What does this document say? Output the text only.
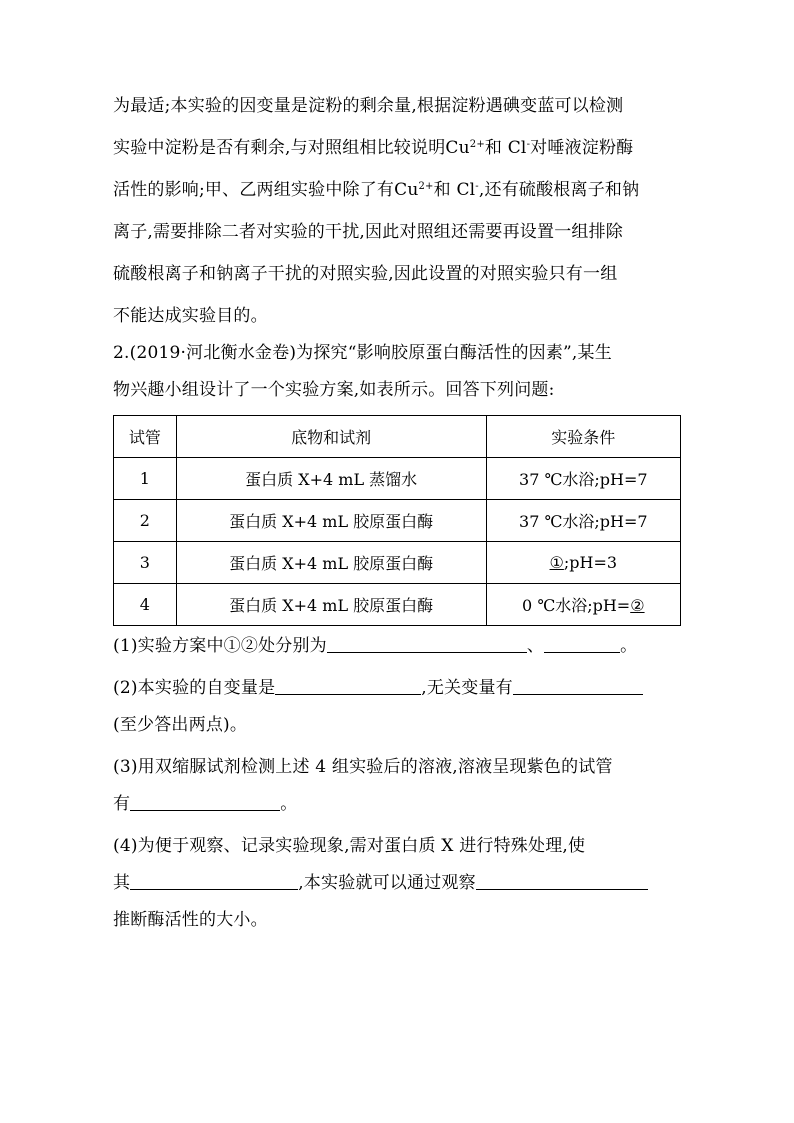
为最适;本实验的因变量是淀粉的剩余量,根据淀粉遇碘变蓝可以检测
实验中淀粉是否有剩余,与对照组相比较说明$Cu^{2+}$和 Cl-对唾液淀粉酶
活性的影响;甲、乙两组实验中除了有$Cu^{2+}$和 Cl-,还有硫酸根离子和钠
离子,需要排除二者对实验的干扰,因此对照组还需要再设置一组排除
硫酸根离子和钠离子干扰的对照实验,因此设置的对照实验只有一组
不能达成实验目的。
2.(2019·河北衡水金卷)为探究“影响胶原蛋白酶活性的因素”,某生
物兴趣小组设计了一个实验方案,如表所示。回答下列问题:
试管	底物和试剂	实验条件
1	蛋白质 X+4 mL 蒸馏水	37 ℃水浴;pH=7
2	蛋白质 X+4 mL 胶原蛋白酶	37 ℃水浴;pH=7
3	蛋白质 X+4 mL 胶原蛋白酶	①;pH=3
4	蛋白质 X+4 mL 胶原蛋白酶	0 ℃水浴;pH=②
(1)实验方案中①②处分别为	、	。
(2)本实验的自变量是	,无关变量有
(至少答出两点)。
(3)用双缩脲试剂检测上述 4 组实验后的溶液,溶液呈现紫色的试管
有	。
(4)为便于观察、记录实验现象,需对蛋白质 X 进行特殊处理,使
其	,本实验就可以通过观察
推断酶活性的大小。
